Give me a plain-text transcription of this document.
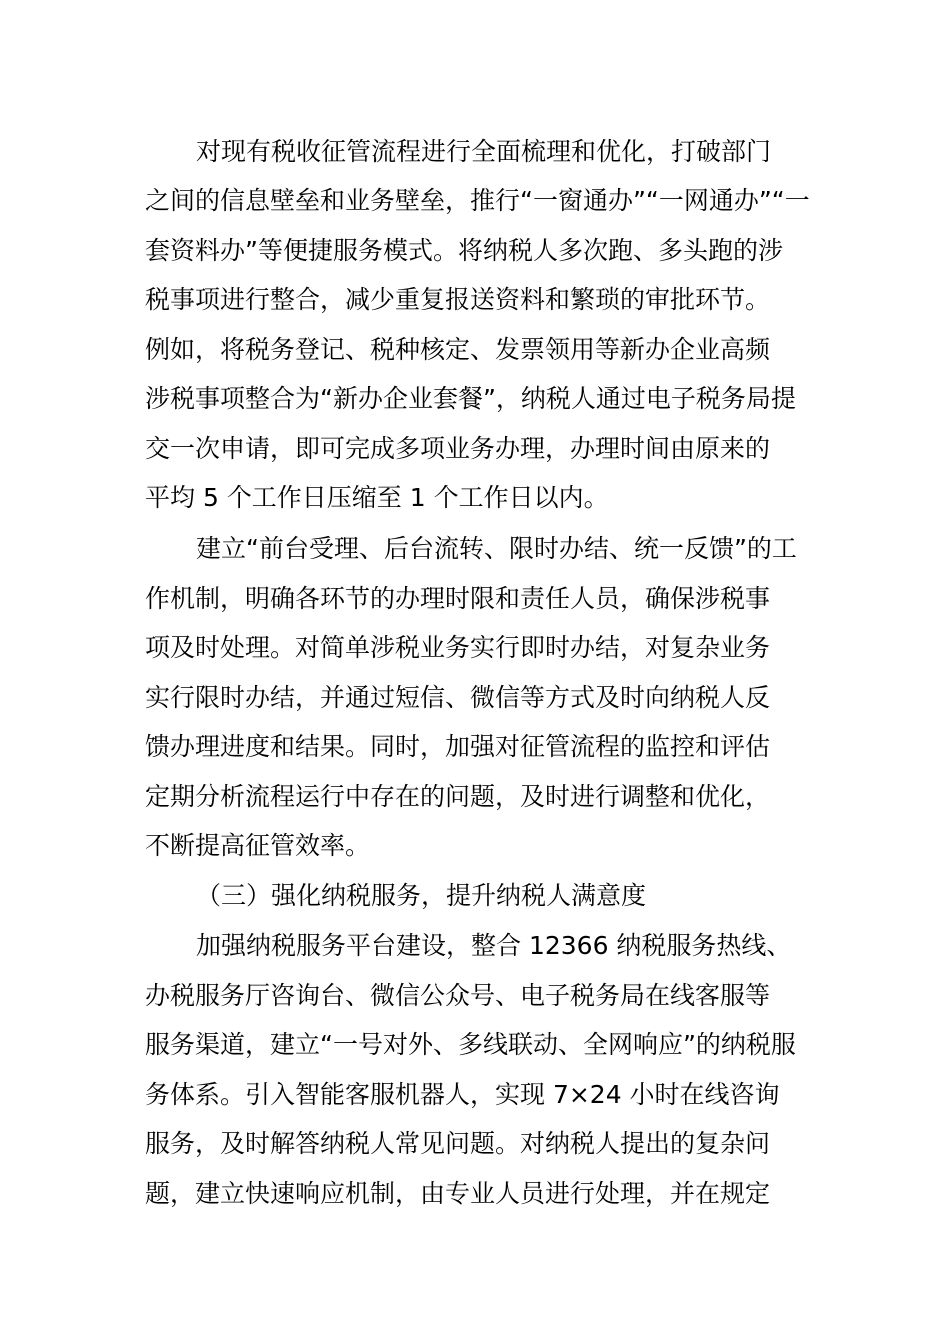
对现有税收征管流程进行全面梳理和优化，打破部门
之间的信息壁垒和业务壁垒，推行“一窗通办”“一网通办”“一
套资料办”等便捷服务模式。将纳税人多次跑、多头跑的涉
税事项进行整合，减少重复报送资料和繁琐的审批环节。
例如，将税务登记、税种核定、发票领用等新办企业高频
涉税事项整合为“新办企业套餐”，纳税人通过电子税务局提
交一次申请，即可完成多项业务办理，办理时间由原来的
平均 5 个工作日压缩至 1 个工作日以内。
建立“前台受理、后台流转、限时办结、统一反馈”的工
作机制，明确各环节的办理时限和责任人员，确保涉税事
项及时处理。对简单涉税业务实行即时办结，对复杂业务
实行限时办结，并通过短信、微信等方式及时向纳税人反
馈办理进度和结果。同时，加强对征管流程的监控和评估
定期分析流程运行中存在的问题，及时进行调整和优化，
不断提高征管效率。
（三）强化纳税服务，提升纳税人满意度
加强纳税服务平台建设，整合 12366 纳税服务热线、
办税服务厅咨询台、微信公众号、电子税务局在线客服等
服务渠道，建立“一号对外、多线联动、全网响应”的纳税服
务体系。引入智能客服机器人，实现 7×24 小时在线咨询
服务，及时解答纳税人常见问题。对纳税人提出的复杂问
题，建立快速响应机制，由专业人员进行处理，并在规定
